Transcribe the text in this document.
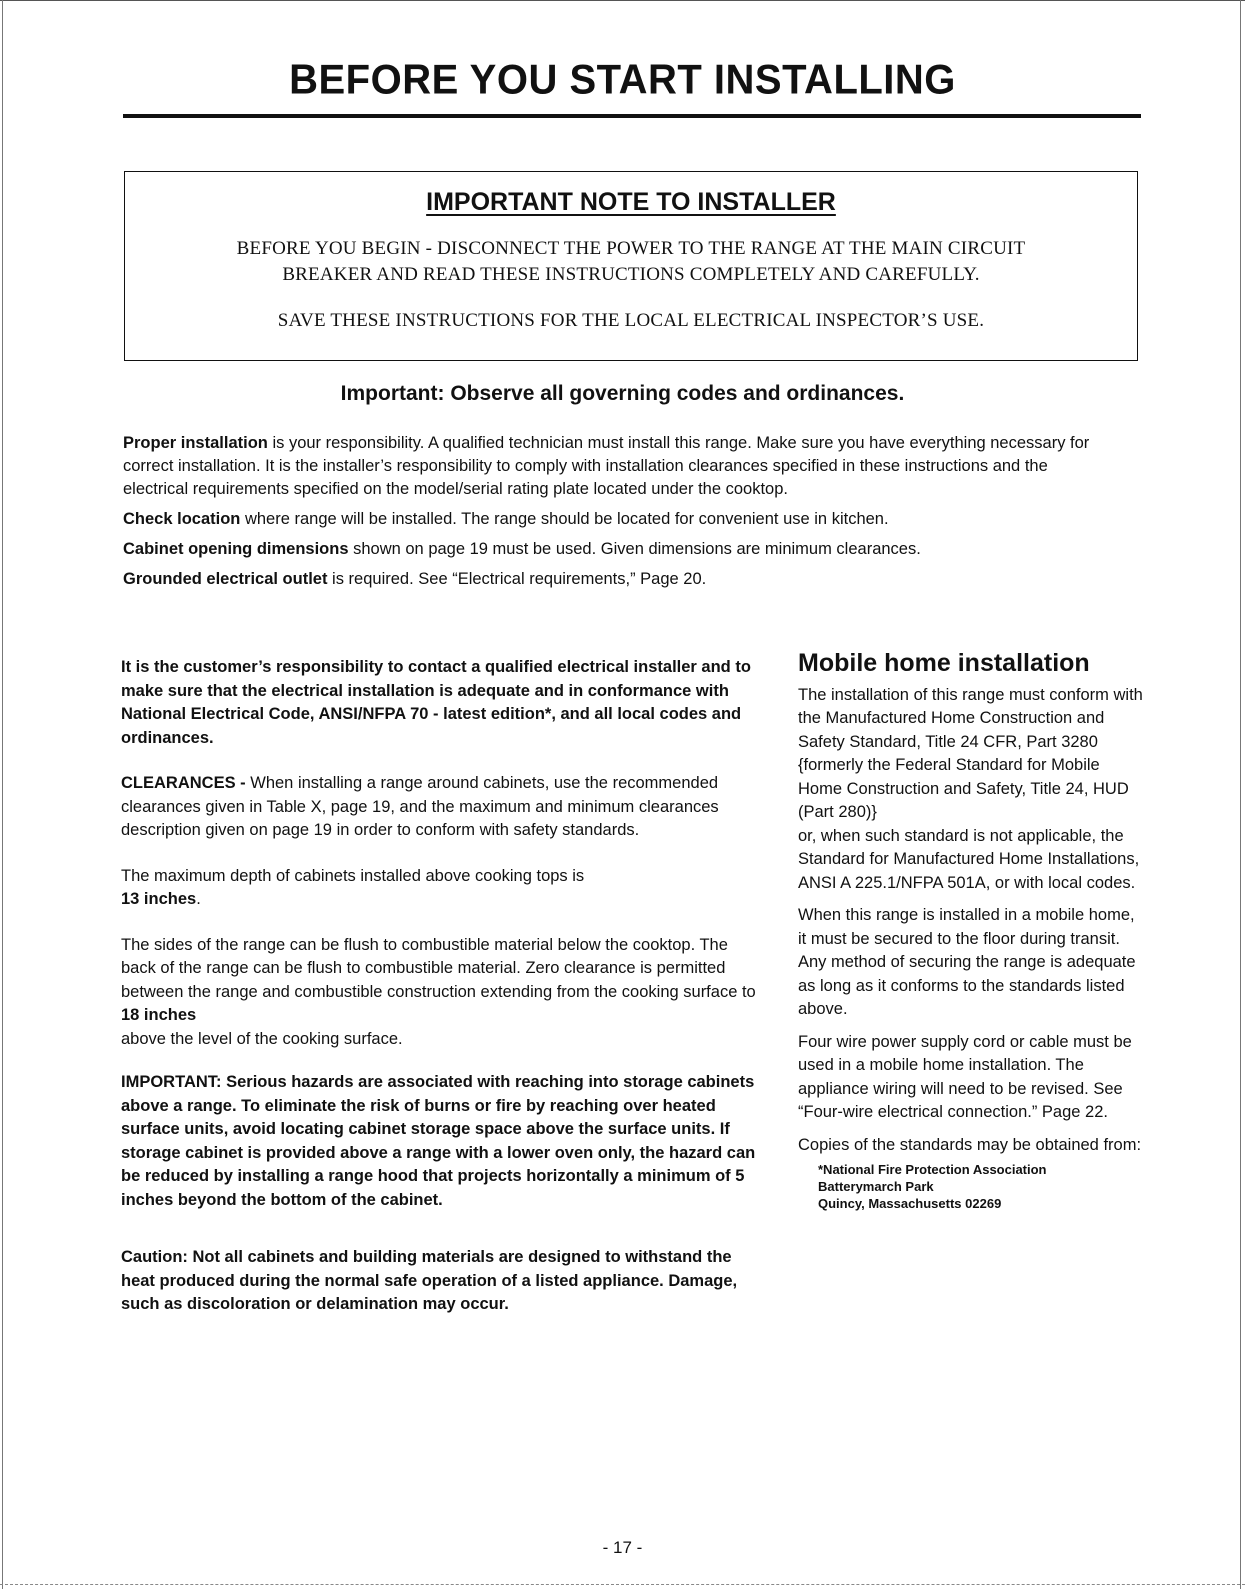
BEFORE YOU START INSTALLING
IMPORTANT NOTE TO INSTALLER
BEFORE YOU BEGIN - DISCONNECT THE POWER TO THE RANGE AT THE MAIN CIRCUIT
BREAKER AND READ THESE INSTRUCTIONS COMPLETELY AND CAREFULLY.
SAVE THESE INSTRUCTIONS FOR THE LOCAL ELECTRICAL INSPECTOR’S USE.
Important: Observe all governing codes and ordinances.

Proper installation is your responsibility. A qualified technician must install this range. Make sure you have everything necessary for correct installation. It is the installer’s responsibility to comply with installation clearances specified in these instructions and the electrical requirements specified on the model/serial rating plate located under the cooktop.

Check location where range will be installed. The range should be located for convenient use in kitchen.

Cabinet opening dimensions shown on page 19 must be used. Given dimensions are minimum clearances.

Grounded electrical outlet is required. See “Electrical requirements,” Page 20.

It is the customer’s responsibility to contact a qualified electrical installer and to make sure that the electrical installation is adequate and in conformance with National Electrical Code, ANSI/NFPA 70 - latest edition*, and all local codes and ordinances.

CLEARANCES - When installing a range around cabinets, use the recommended clearances given in Table X, page 19, and the maximum and minimum clearances description given on page 19 in order to conform with safety standards.

The maximum depth of cabinets installed above cooking tops is
13 inches.

The sides of the range can be flush to combustible material below the cooktop. The back of the range can be flush to combustible material. Zero clearance is permitted between the range and combustible construction extending from the cooking surface to 18 inches
above the level of the cooking surface.

IMPORTANT: Serious hazards are associated with reaching into storage cabinets above a range. To eliminate the risk of burns or fire by reaching over heated surface units, avoid locating cabinet storage space above the surface units. If storage cabinet is provided above a range with a lower oven only, the hazard can be reduced by installing a range hood that projects horizontally a minimum of 5 inches beyond the bottom of the cabinet.

Caution: Not all cabinets and building materials are designed to withstand the heat produced during the normal safe operation of a listed appliance. Damage, such as discoloration or delamination may occur.

Mobile home installation

The installation of this range must conform with the Manufactured Home Construction and Safety Standard, Title 24 CFR, Part 3280 {formerly the Federal Standard for Mobile Home Construction and Safety, Title 24, HUD (Part 280)}

or, when such standard is not applicable, the Standard for Manufactured Home Installations, ANSI A 225.1/NFPA 501A, or with local codes.

When this range is installed in a mobile home, it must be secured to the floor during transit. Any method of securing the range is adequate as long as it conforms to the standards listed above.

Four wire power supply cord or cable must be used in a mobile home installation. The appliance wiring will need to be revised. See “Four-wire electrical connection.” Page 22.

Copies of the standards may be obtained from:

*National Fire Protection Association
Batterymarch Park
Quincy, Massachusetts 02269
- 17 -
